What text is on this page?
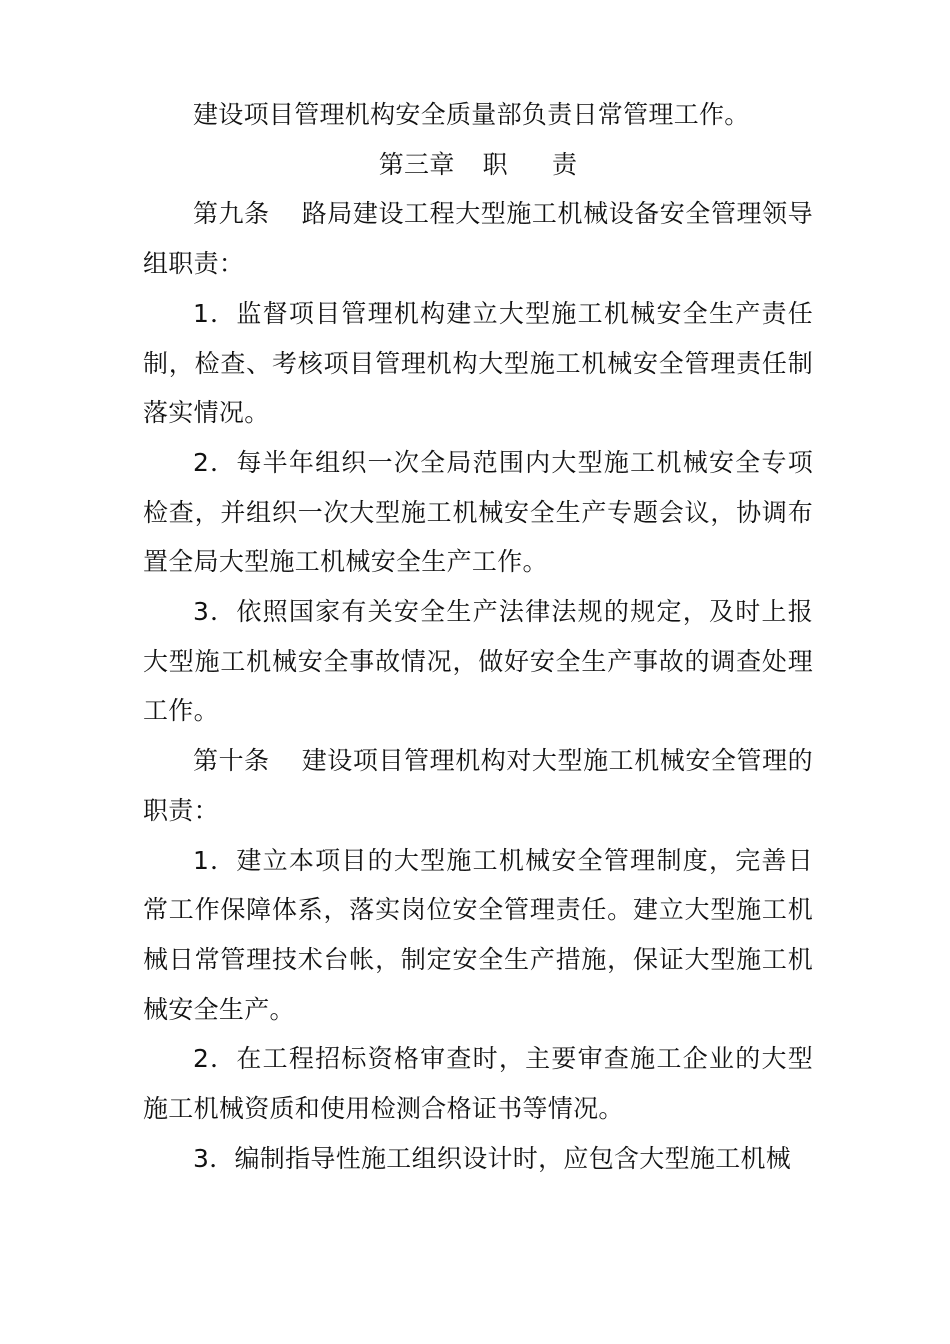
建设项目管理机构安全质量部负责日常管理工作。

第三章 职 责

第九条 路局建设工程大型施工机械设备安全管理领导组职责：

1．监督项目管理机构建立大型施工机械安全生产责任制，检查、考核项目管理机构大型施工机械安全管理责任制落实情况。

2．每半年组织一次全局范围内大型施工机械安全专项检查，并组织一次大型施工机械安全生产专题会议，协调布置全局大型施工机械安全生产工作。

3．依照国家有关安全生产法律法规的规定，及时上报大型施工机械安全事故情况，做好安全生产事故的调查处理工作。

第十条 建设项目管理机构对大型施工机械安全管理的职责：

1．建立本项目的大型施工机械安全管理制度，完善日常工作保障体系，落实岗位安全管理责任。建立大型施工机械日常管理技术台帐，制定安全生产措施，保证大型施工机械安全生产。

2．在工程招标资格审查时，主要审查施工企业的大型施工机械资质和使用检测合格证书等情况。

3．编制指导性施工组织设计时，应包含大型施工机械
